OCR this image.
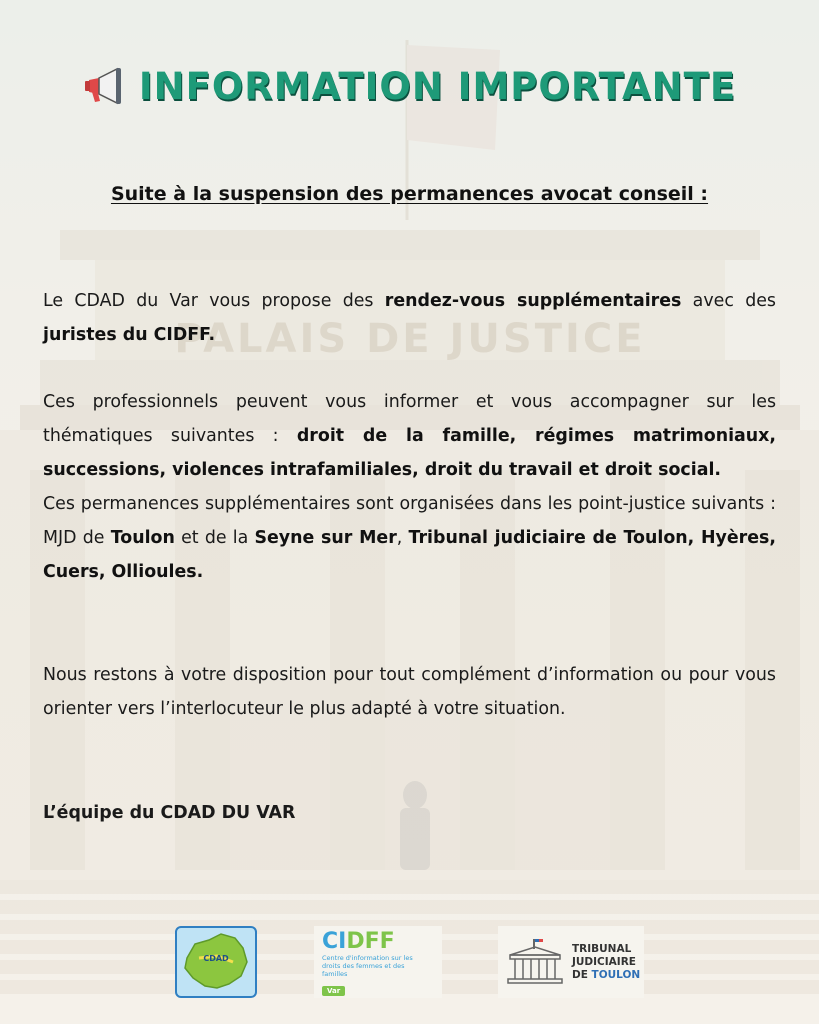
PALAIS DE JUSTICE
INFORMATION IMPORTANTE
Suite à la suspension des permanences avocat conseil :
Le CDAD du Var vous propose des rendez-vous supplémentaires avec des juristes du CIDFF.
Ces professionnels peuvent vous informer et vous accompagner sur les thématiques suivantes : droit de la famille, régimes matrimoniaux, successions, violences intrafamiliales, droit du travail et droit social.
Ces permanences supplémentaires sont organisées dans les point-justice suivants : MJD de Toulon et de la Seyne sur Mer, Tribunal judiciaire de Toulon, Hyères, Cuers, Ollioules.
Nous restons à votre disposition pour tout complément d’information ou pour vous orienter vers l’interlocuteur le plus adapté à votre situation.
L’équipe du CDAD DU VAR
CDAD
CIDFF
Centre d'information sur les droits des femmes et des familles
Var
TRIBUNAL
JUDICIAIRE
DE TOULON
